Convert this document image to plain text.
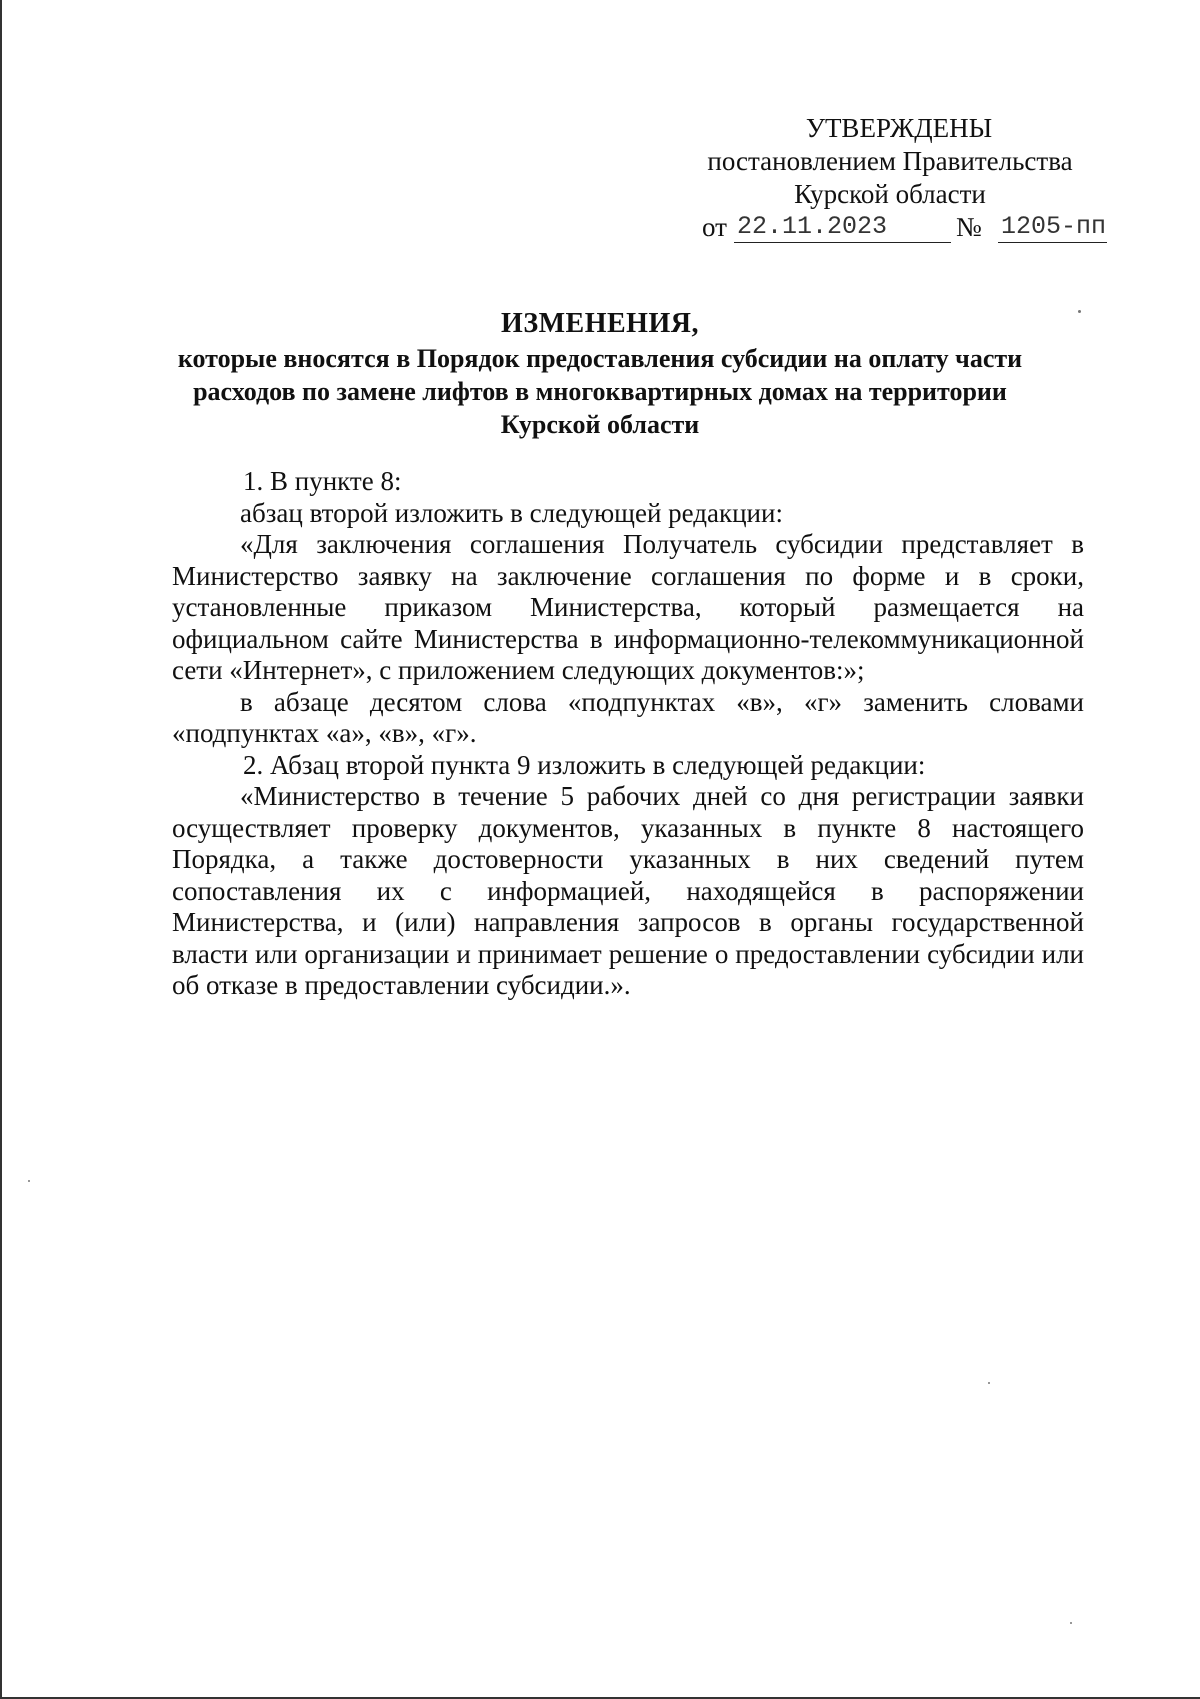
УТВЕРЖДЕНЫ
постановлением Правительства
Курской области
от 22.11.2023	№ 1205-пп
ИЗМЕНЕНИЯ,
которые вносятся в Порядок предоставления субсидии на оплату части расходов по замене лифтов в многоквартирных домах на территории Курской области

1. В пункте 8:

абзац второй изложить в следующей редакции:

«Для заключения соглашения Получатель субсидии представляет в Министерство заявку на заключение соглашения по форме и в сроки, установленные приказом Министерства, который размещается на официальном сайте Министерства в информационно-телекоммуникационной сети «Интернет», с приложением следующих документов:»;

в абзаце десятом слова «подпунктах «в», «г» заменить словами «подпунктах «а», «в», «г».

2. Абзац второй пункта 9 изложить в следующей редакции:

«Министерство в течение 5 рабочих дней со дня регистрации заявки осуществляет проверку документов, указанных в пункте 8 настоящего Порядка, а также достоверности указанных в них сведений путем сопоставления их с информацией, находящейся в распоряжении Министерства, и (или) направления запросов в органы государственной власти или организации и принимает решение о предоставлении субсидии или об отказе в предоставлении субсидии.».
